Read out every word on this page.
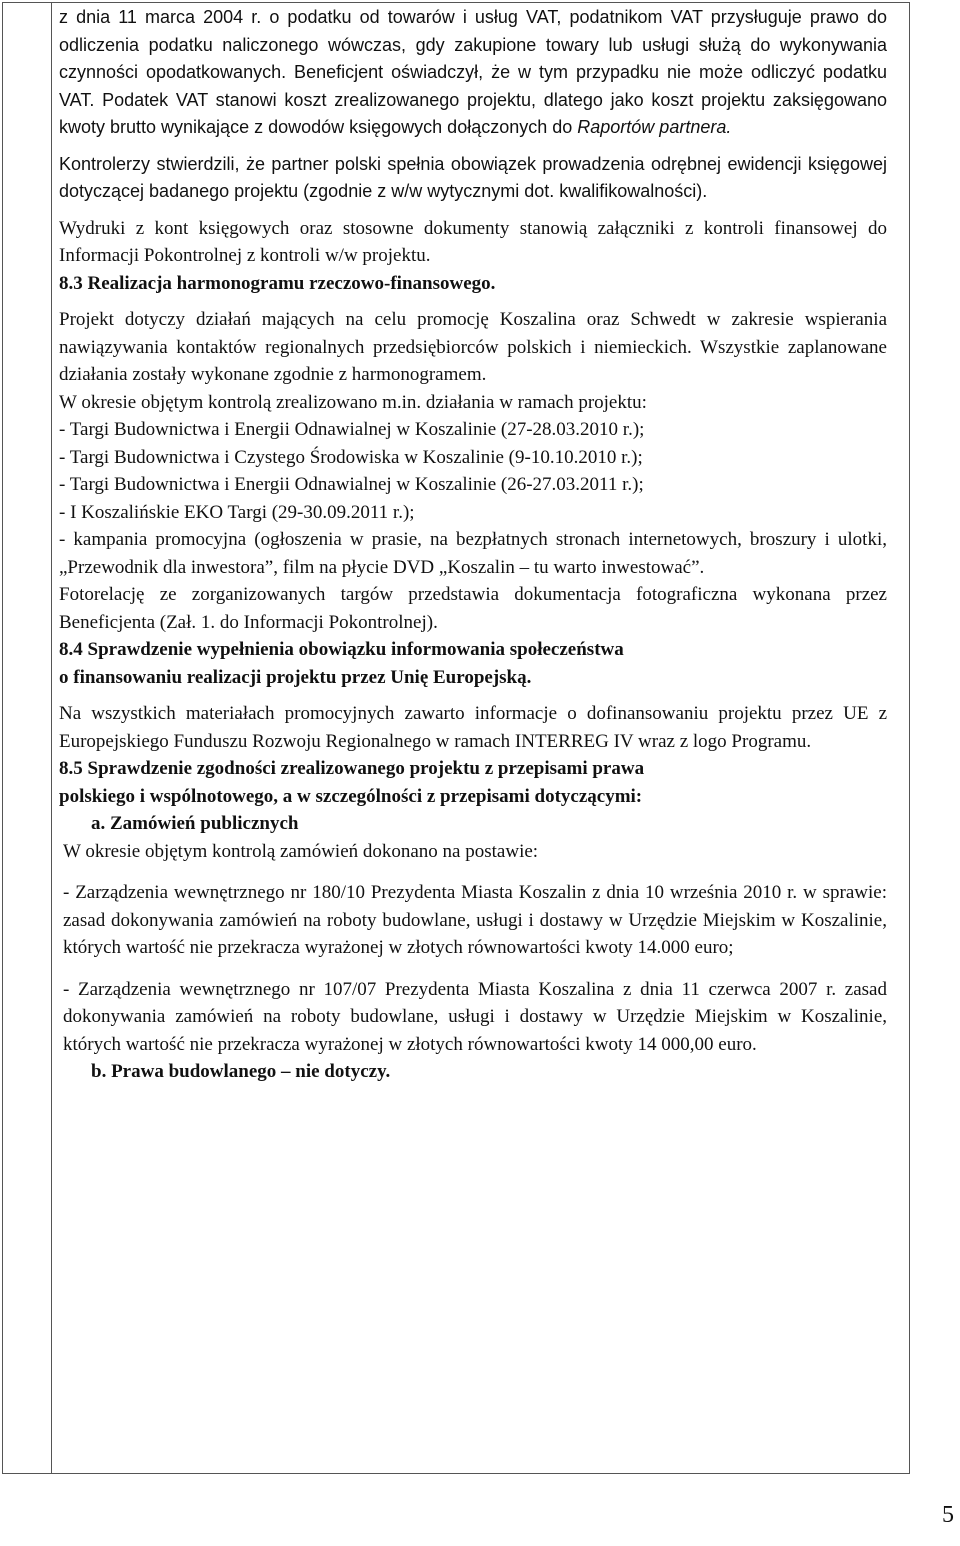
z dnia 11 marca 2004 r. o podatku od towarów i usług VAT, podatnikom VAT przysługuje prawo do odliczenia podatku naliczonego wówczas, gdy zakupione towary lub usługi służą do wykonywania czynności opodatkowanych. Beneficjent oświadczył, że w tym przypadku nie może odliczyć podatku VAT. Podatek VAT stanowi koszt zrealizowanego projektu, dlatego jako koszt projektu zaksięgowano kwoty brutto wynikające z dowodów księgowych dołączonych do Raportów partnera.

Kontrolerzy stwierdzili, że partner polski spełnia obowiązek prowadzenia odrębnej ewidencji księgowej dotyczącej badanego projektu (zgodnie z w/w wytycznymi dot. kwalifikowalności).

Wydruki z kont księgowych oraz stosowne dokumenty stanowią załączniki z kontroli finansowej do Informacji Pokontrolnej z kontroli w/w projektu.

8.3 Realizacja harmonogramu rzeczowo-finansowego.

Projekt dotyczy działań mających na celu promocję Koszalina oraz Schwedt w zakresie wspierania nawiązywania kontaktów regionalnych przedsiębiorców polskich i niemieckich. Wszystkie zaplanowane działania zostały wykonane zgodnie z harmonogramem.

W okresie objętym kontrolą zrealizowano m.in. działania w ramach projektu:

- Targi Budownictwa i Energii Odnawialnej w Koszalinie (27-28.03.2010 r.);

- Targi Budownictwa i Czystego Środowiska w Koszalinie (9-10.10.2010 r.);

- Targi Budownictwa i Energii Odnawialnej w Koszalinie (26-27.03.2011 r.);

- I Koszalińskie EKO Targi (29-30.09.2011 r.);

- kampania promocyjna (ogłoszenia w prasie, na bezpłatnych stronach internetowych, broszury i ulotki, „Przewodnik dla inwestora”, film na płycie DVD „Koszalin – tu warto inwestować”.

Fotorelację ze zorganizowanych targów przedstawia dokumentacja fotograficzna wykonana przez Beneficjenta (Zał. 1. do Informacji Pokontrolnej).

8.4 Sprawdzenie wypełnienia obowiązku informowania społeczeństwa

o finansowaniu realizacji projektu przez Unię Europejską.

Na wszystkich materiałach promocyjnych zawarto informacje o dofinansowaniu projektu przez UE z Europejskiego Funduszu Rozwoju Regionalnego w ramach INTERREG IV wraz z logo Programu.

8.5 Sprawdzenie zgodności zrealizowanego projektu z przepisami prawa

polskiego i wspólnotowego, a w szczególności z przepisami dotyczącymi:

a. Zamówień publicznych

W okresie objętym kontrolą zamówień dokonano na postawie:

- Zarządzenia wewnętrznego nr 180/10 Prezydenta Miasta Koszalin z dnia 10 września 2010 r. w sprawie: zasad dokonywania zamówień na roboty budowlane, usługi i dostawy w Urzędzie Miejskim w Koszalinie, których wartość nie przekracza wyrażonej w złotych równowartości kwoty 14.000 euro;

- Zarządzenia wewnętrznego nr 107/07 Prezydenta Miasta Koszalina z dnia 11 czerwca 2007 r. zasad dokonywania zamówień na roboty budowlane, usługi i dostawy w Urzędzie Miejskim w Koszalinie, których wartość nie przekracza wyrażonej w złotych równowartości kwoty 14 000,00 euro.

b. Prawa budowlanego – nie dotyczy.

5
